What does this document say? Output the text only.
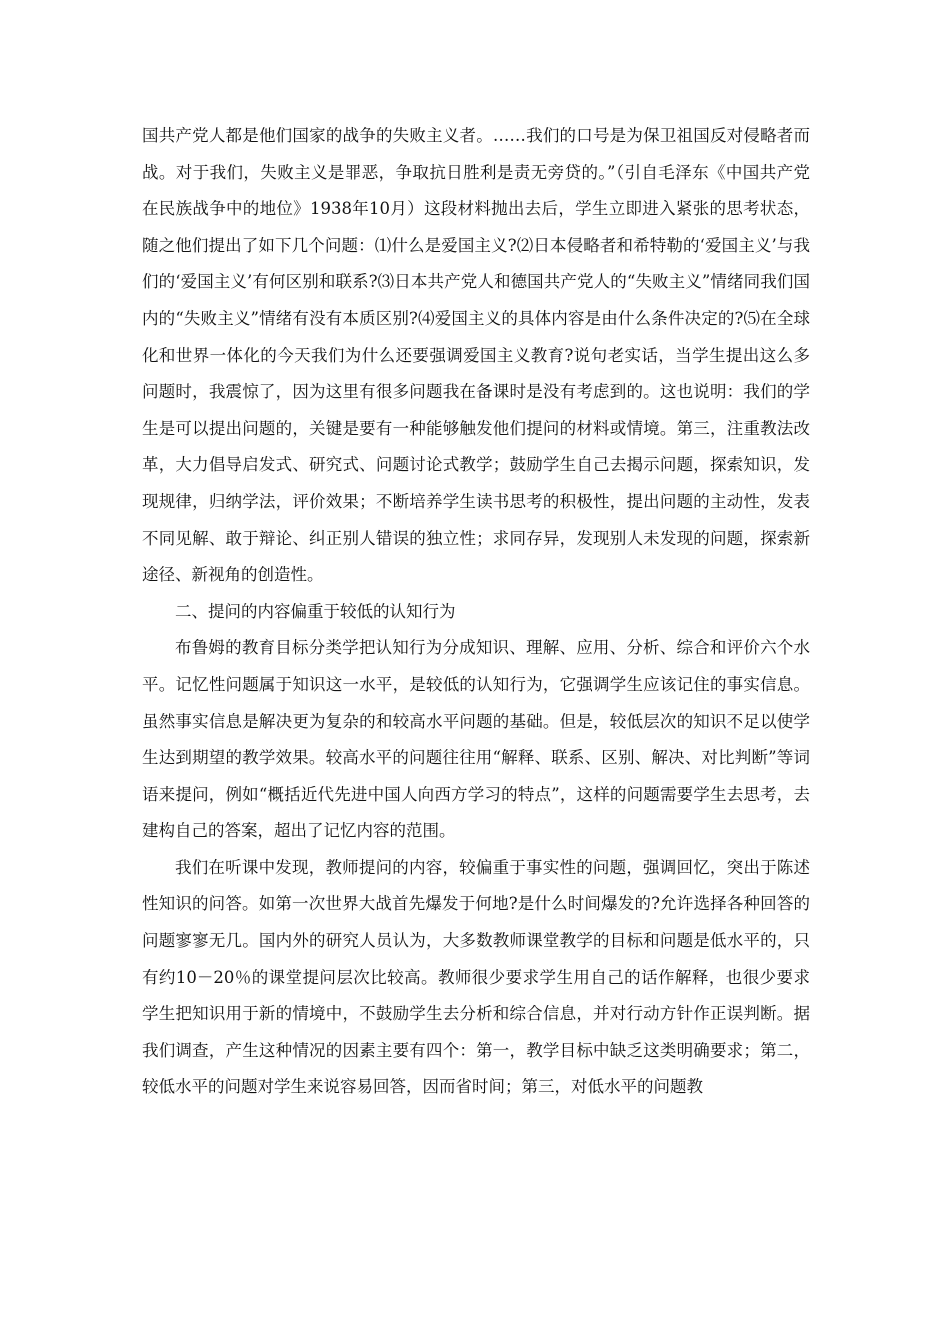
国共产党人都是他们国家的战争的失败主义者。……我们的口号是为保卫祖国反对侵略者而战。对于我们，失败主义是罪恶，争取抗日胜利是责无旁贷的。”（引自毛泽东《中国共产党在民族战争中的地位》1938年10月）这段材料抛出去后，学生立即进入紧张的思考状态，随之他们提出了如下几个问题：⑴什么是爱国主义?⑵日本侵略者和希特勒的‘爱国主义’与我们的‘爱国主义’有何区别和联系?⑶日本共产党人和德国共产党人的“失败主义”情绪同我们国内的“失败主义”情绪有没有本质区别?⑷爱国主义的具体内容是由什么条件决定的?⑸在全球化和世界一体化的今天我们为什么还要强调爱国主义教育?说句老实话，当学生提出这么多问题时，我震惊了，因为这里有很多问题我在备课时是没有考虑到的。这也说明：我们的学生是可以提出问题的，关键是要有一种能够触发他们提问的材料或情境。第三，注重教法改革，大力倡导启发式、研究式、问题讨论式教学；鼓励学生自己去揭示问题，探索知识，发现规律，归纳学法，评价效果；不断培养学生读书思考的积极性，提出问题的主动性，发表不同见解、敢于辩论、纠正别人错误的独立性；求同存异，发现别人未发现的问题，探索新途径、新视角的创造性。

二、提问的内容偏重于较低的认知行为

布鲁姆的教育目标分类学把认知行为分成知识、理解、应用、分析、综合和评价六个水平。记忆性问题属于知识这一水平，是较低的认知行为，它强调学生应该记住的事实信息。虽然事实信息是解决更为复杂的和较高水平问题的基础。但是，较低层次的知识不足以使学生达到期望的教学效果。较高水平的问题往往用“解释、联系、区别、解决、对比判断”等词语来提问，例如“概括近代先进中国人向西方学习的特点”，这样的问题需要学生去思考，去建构自己的答案，超出了记忆内容的范围。

我们在听课中发现，教师提问的内容，较偏重于事实性的问题，强调回忆，突出于陈述性知识的问答。如第一次世界大战首先爆发于何地?是什么时间爆发的?允许选择各种回答的问题寥寥无几。国内外的研究人员认为，大多数教师课堂教学的目标和问题是低水平的，只有约10－20％的课堂提问层次比较高。教师很少要求学生用自己的话作解释，也很少要求学生把知识用于新的情境中，不鼓励学生去分析和综合信息，并对行动方针作正误判断。据我们调查，产生这种情况的因素主要有四个：第一，教学目标中缺乏这类明确要求；第二，较低水平的问题对学生来说容易回答，因而省时间；第三，对低水平的问题教
